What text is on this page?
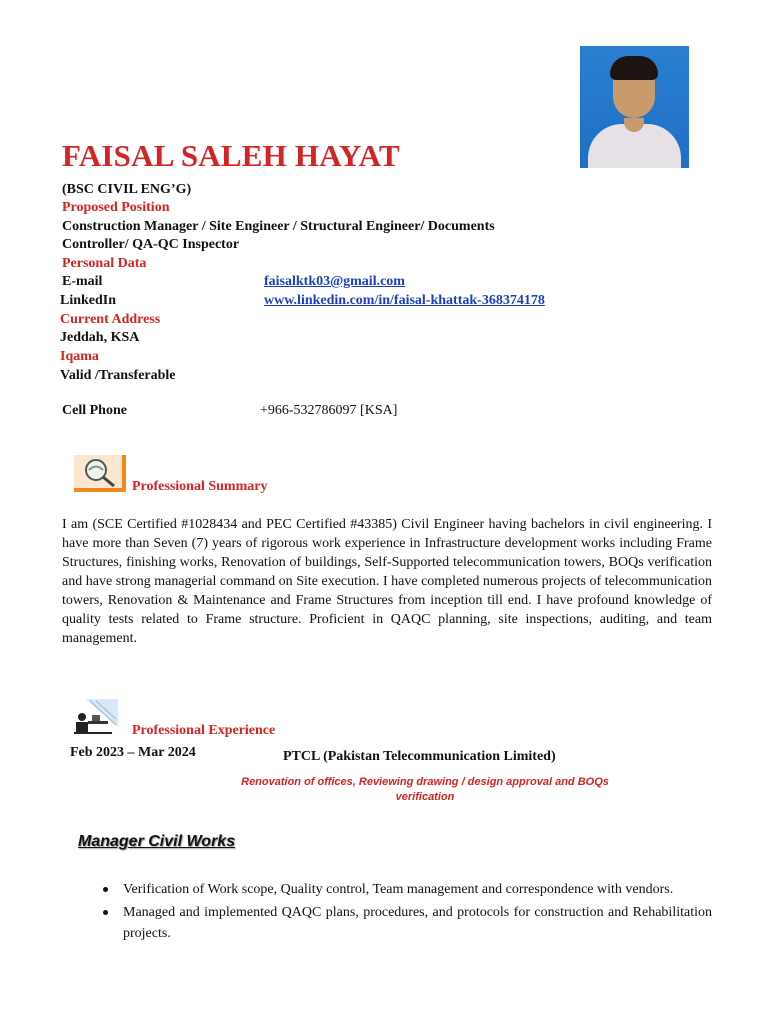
FAISAL SALEH HAYAT
(BSC CIVIL ENG’G)
Proposed Position
Construction Manager / Site Engineer / Structural Engineer/ Documents
Controller/ QA-QC Inspector
Personal Data
E-mail	faisalktk03@gmail.com
LinkedIn	www.linkedin.com/in/faisal-khattak-368374178
Current Address
Jeddah, KSA
Iqama
Valid /Transferable
Cell Phone	+966-532786097 [KSA]
Professional Summary
I am (SCE Certified #1028434 and PEC Certified #43385) Civil Engineer having bachelors in civil engineering. I have more than Seven (7) years of rigorous work experience in Infrastructure development works including Frame Structures, finishing works, Renovation of buildings, Self-Supported telecommunication towers, BOQs verification and have strong managerial command on Site execution. I have completed numerous projects of telecommunication towers, Renovation & Maintenance and Frame Structures from inception till end. I have profound knowledge of quality tests related to Frame structure. Proficient in QAQC planning, site inspections, auditing, and team management.
Professional Experience
Feb 2023 – Mar 2024	PTCL (Pakistan Telecommunication Limited)
Renovation of offices, Reviewing drawing / design approval and BOQs
verification
Manager Civil Works
Verification of Work scope, Quality control, Team management and correspondence with vendors.
Managed and implemented QAQC plans, procedures, and protocols for construction and Rehabilitation projects.
